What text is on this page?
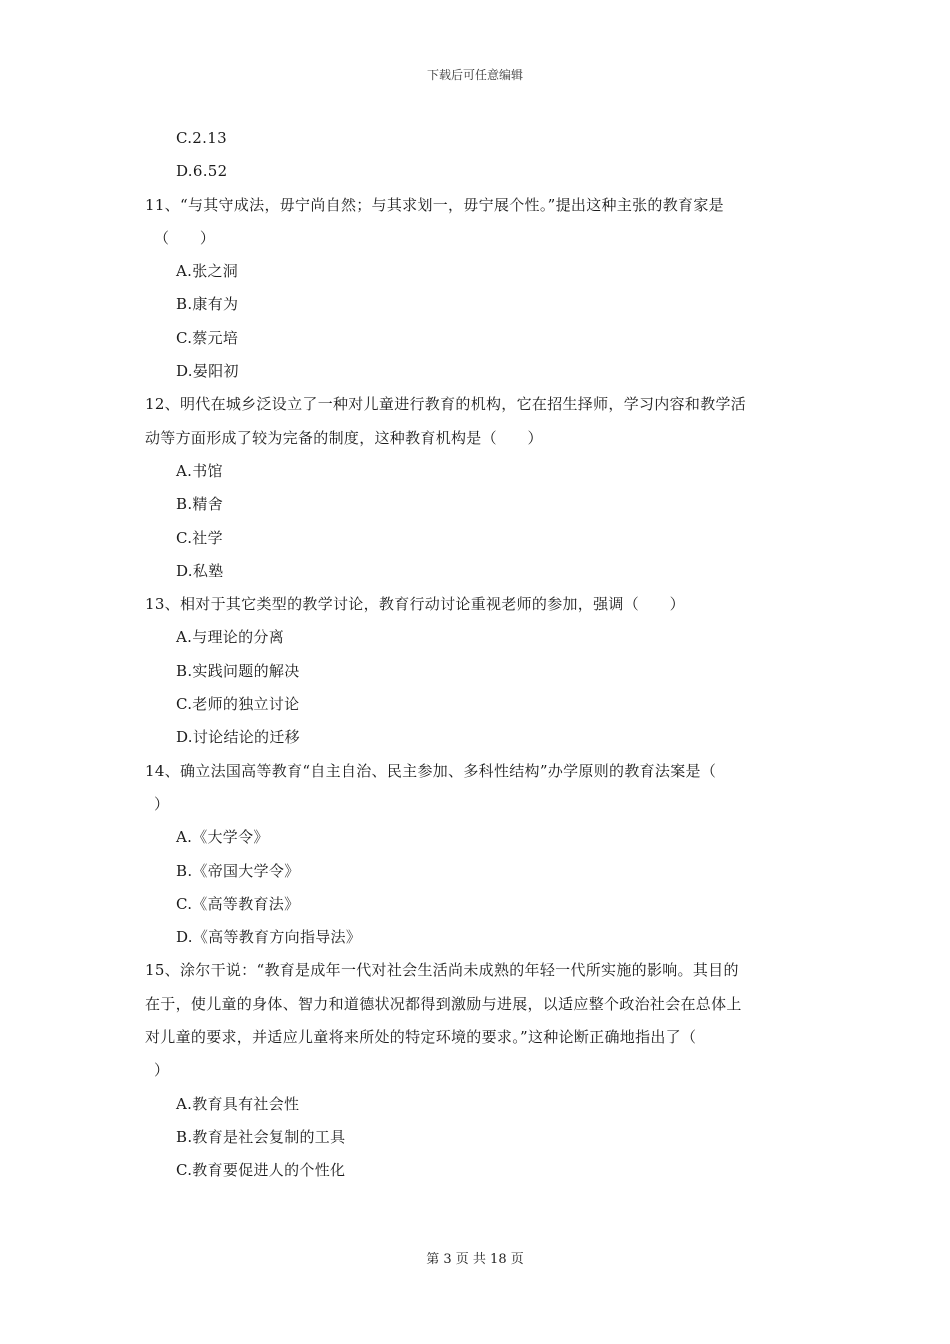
下载后可任意编辑
C.2.13
D.6.52
11、“与其守成法，毋宁尚自然；与其求划一，毋宁展个性。”提出这种主张的教育家是
（　　）
A.张之洞
B.康有为
C.蔡元培
D.晏阳初
12、明代在城乡泛设立了一种对儿童进行教育的机构，它在招生择师，学习内容和教学活
动等方面形成了较为完备的制度，这种教育机构是（　　）
A.书馆
B.精舍
C.社学
D.私塾
13、相对于其它类型的教学讨论，教育行动讨论重视老师的参加，强调（　　）
A.与理论的分离
B.实践问题的解决
C.老师的独立讨论
D.讨论结论的迁移
14、确立法国高等教育“自主自治、民主参加、多科性结构”办学原则的教育法案是（
）
A.《大学令》
B.《帝国大学令》
C.《高等教育法》
D.《高等教育方向指导法》
15、涂尔干说：“教育是成年一代对社会生活尚未成熟的年轻一代所实施的影响。其目的
在于，使儿童的身体、智力和道德状况都得到激励与进展，以适应整个政治社会在总体上
对儿童的要求，并适应儿童将来所处的特定环境的要求。”这种论断正确地指出了（
）
A.教育具有社会性
B.教育是社会复制的工具
C.教育要促进人的个性化
第 3 页 共 18 页
